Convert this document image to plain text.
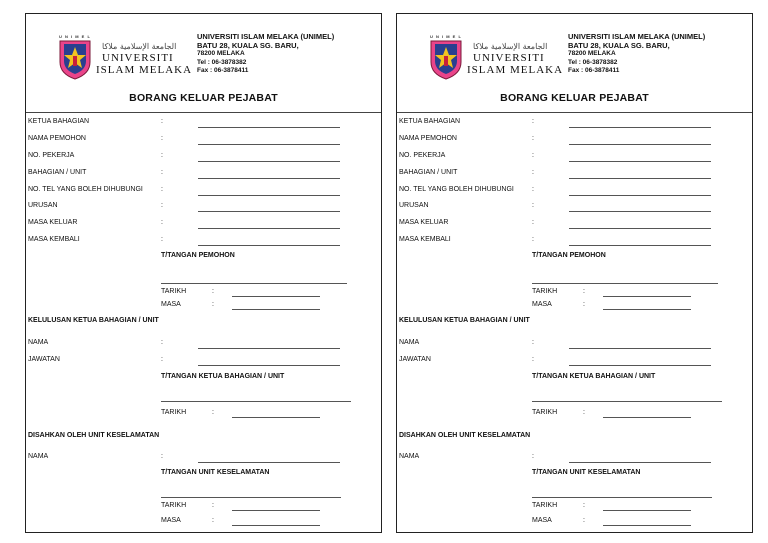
U N I M E L
الجامعة الإسلامية ملاكا
UNIVERSITI
ISLAM MELAKA
UNIVERSITI ISLAM MELAKA (UNIMEL)
BATU 28, KUALA SG. BARU,
78200 MELAKA
Tel : 06-3878382
Fax : 06-3878411
BORANG KELUAR PEJABAT
KETUA BAHAGIAN	:
NAMA PEMOHON	:
NO. PEKERJA	:
BAHAGIAN / UNIT	:
NO. TEL YANG BOLEH DIHUBUNGI	:
URUSAN	:
MASA KELUAR	:
MASA KEMBALI	:
T/TANGAN PEMOHON
TARIKH	:
MASA	:
KELULUSAN KETUA BAHAGIAN / UNIT
NAMA	:
JAWATAN	:
T/TANGAN KETUA BAHAGIAN / UNIT
TARIKH	:
DISAHKAN OLEH UNIT KESELAMATAN
NAMA	:
T/TANGAN UNIT KESELAMATAN
TARIKH	:
MASA	:
U N I M E L
الجامعة الإسلامية ملاكا
UNIVERSITI
ISLAM MELAKA
UNIVERSITI ISLAM MELAKA (UNIMEL)
BATU 28, KUALA SG. BARU,
78200 MELAKA
Tel : 06-3878382
Fax : 06-3878411
BORANG KELUAR PEJABAT
KETUA BAHAGIAN	:
NAMA PEMOHON	:
NO. PEKERJA	:
BAHAGIAN / UNIT	:
NO. TEL YANG BOLEH DIHUBUNGI	:
URUSAN	:
MASA KELUAR	:
MASA KEMBALI	:
T/TANGAN PEMOHON
TARIKH	:
MASA	:
KELULUSAN KETUA BAHAGIAN / UNIT
NAMA	:
JAWATAN	:
T/TANGAN KETUA BAHAGIAN / UNIT
TARIKH	:
DISAHKAN OLEH UNIT KESELAMATAN
NAMA	:
T/TANGAN UNIT KESELAMATAN
TARIKH	:
MASA	:
